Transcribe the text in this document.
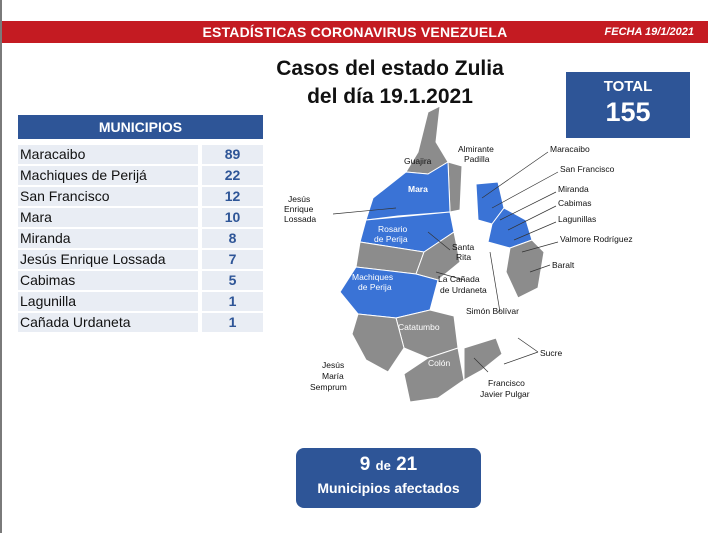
ESTADÍSTICAS CORONAVIRUS VENEZUELA	FECHA 19/1/2021
Casos del estado Zulia
del día 19.1.2021	TOTAL
155
MUNICIPIOS
Maracaibo	89
Machiques de Perijá	22
San Francisco	12
Mara	10
Miranda	8
Jesús Enrique Lossada	7
Cabimas	5
Lagunilla	1
Cañada Urdaneta	1
Guajira
Almirante
Padilla
Mara
Jesús
Enrique
Lossada
Rosario
de Perija
Santa
Rita
Machiques
de Perija
La Cañada
de Urdaneta
Maracaibo
San Francisco
Miranda
Cabimas
Lagunillas
Valmore Rodríguez
Baralt
Simón Bolívar
Catatumbo
Colón
Sucre
Jesús
María
Semprum	Francisco
Javier Pulgar
9 de 21
Municipios afectados
